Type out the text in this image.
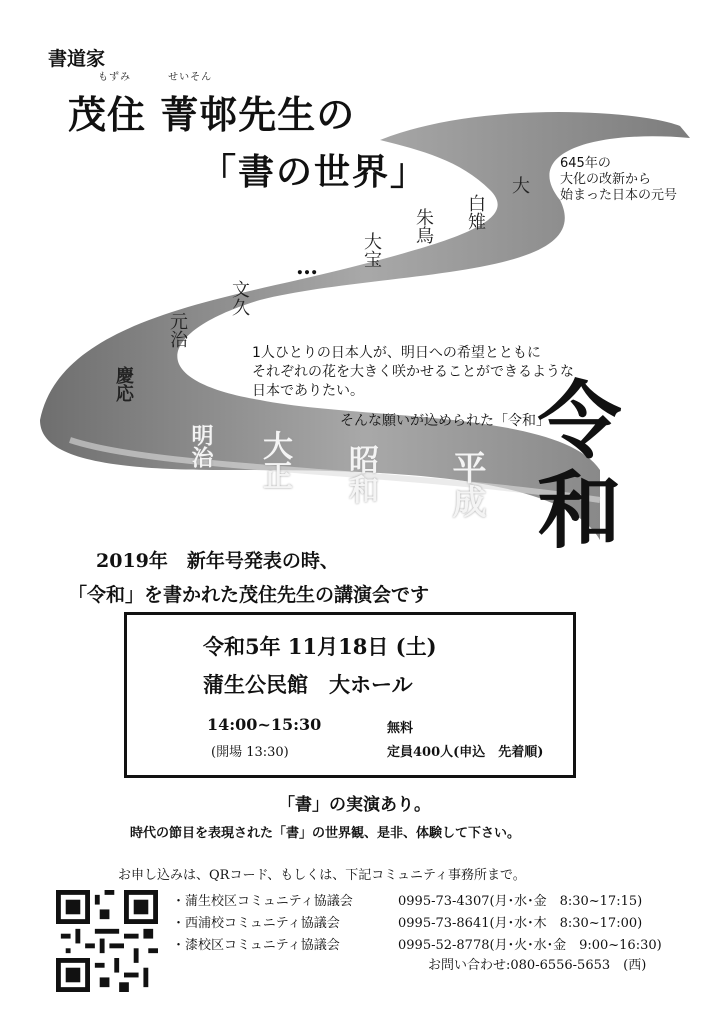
書道家
もずみ　　　 せいそん
茂住 菁邨先生の
「書の世界」	645年の
大化の改新から
始まった日本の元号
大
白雉
朱鳥
大宝
…
文久
元治
慶応
明治 大正 昭和 平成 令和
1人ひとりの日本人が、明日への希望とともに
それぞれの花を大きく咲かせることができるような
日本でありたい。
そんな願いが込められた「令和」
2019年　新年号発表の時、
「令和」を書かれた茂住先生の講演会です
令和5年 11月18日 (土)
蒲生公民館　大ホール
14:00~15:30
(開場 13:30)
無料
定員400人(申込　先着順)
「書」の実演あり。
時代の節目を表現された「書」の世界観、是非、体験して下さい。
お申し込みは、QRコード、もしくは、下記コミュニティ事務所まで。
・蒲生校区コミュニティ協議会	0995-73-4307(月･水･金　8:30~17:15)
・西浦校コミュニティ協議会	0995-73-8641(月･水･木　8:30~17:00)
・漆校区コミュニティ協議会	0995-52-8778(月･火･水･金　9:00~16:30)
お問い合わせ:080-6556-5653　(西)
